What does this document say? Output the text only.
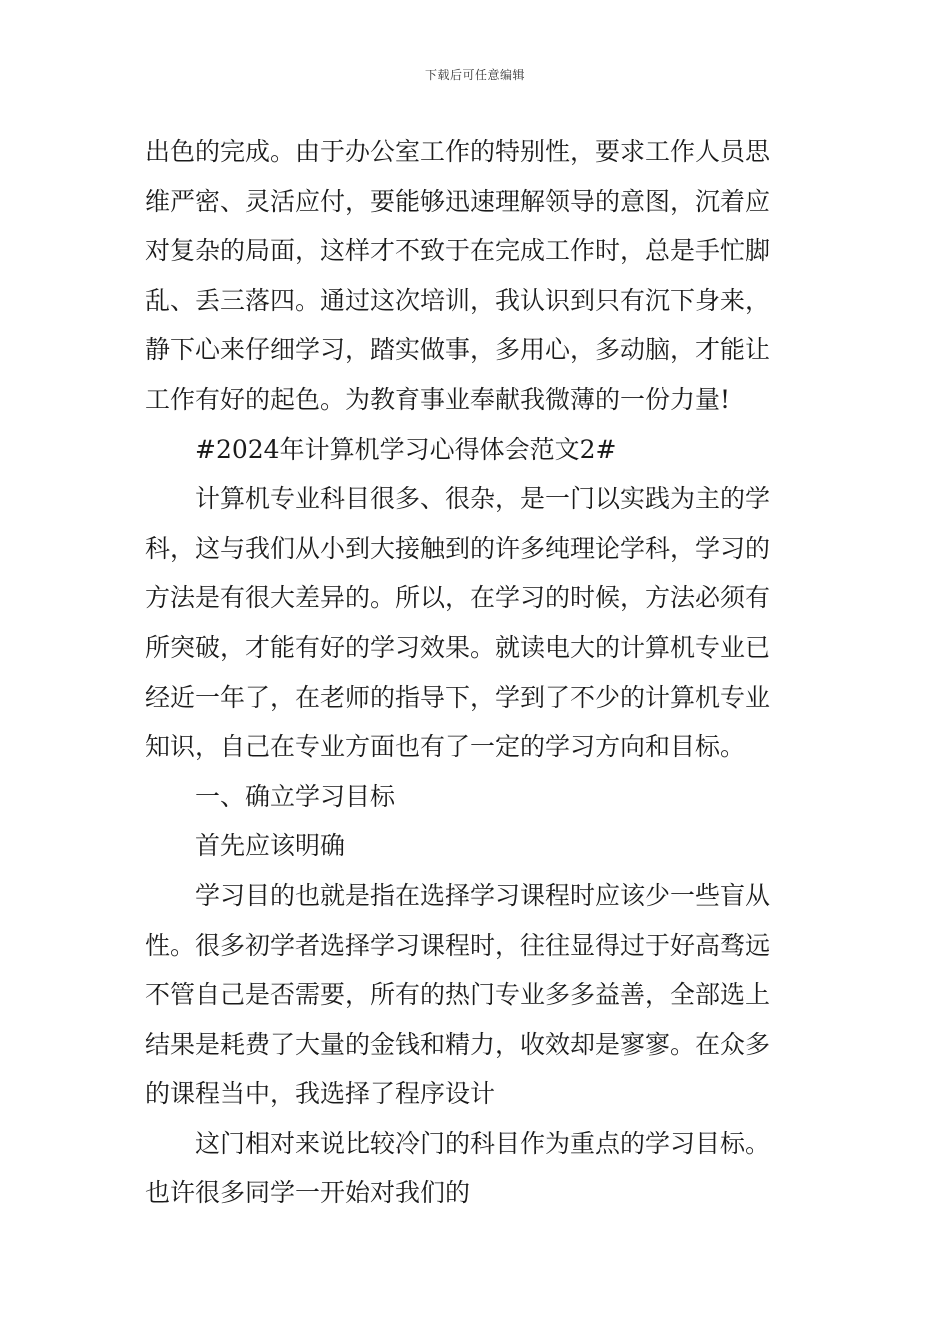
下载后可任意编辑
出色的完成。由于办公室工作的特别性，要求工作人员思
维严密、灵活应付，要能够迅速理解领导的意图，沉着应
对复杂的局面，这样才不致于在完成工作时，总是手忙脚
乱、丢三落四。通过这次培训，我认识到只有沉下身来，
静下心来仔细学习，踏实做事，多用心，多动脑，才能让
工作有好的起色。为教育事业奉献我微薄的一份力量!
#2024年计算机学习心得体会范文2#
计算机专业科目很多、很杂，是一门以实践为主的学
科，这与我们从小到大接触到的许多纯理论学科，学习的
方法是有很大差异的。所以，在学习的时候，方法必须有
所突破，才能有好的学习效果。就读电大的计算机专业已
经近一年了，在老师的指导下，学到了不少的计算机专业
知识，自己在专业方面也有了一定的学习方向和目标。
一、确立学习目标
首先应该明确
学习目的也就是指在选择学习课程时应该少一些盲从
性。很多初学者选择学习课程时，往往显得过于好高骛远
不管自己是否需要，所有的热门专业多多益善，全部选上
结果是耗费了大量的金钱和精力，收效却是寥寥。在众多
的课程当中，我选择了程序设计
这门相对来说比较冷门的科目作为重点的学习目标。
也许很多同学一开始对我们的
